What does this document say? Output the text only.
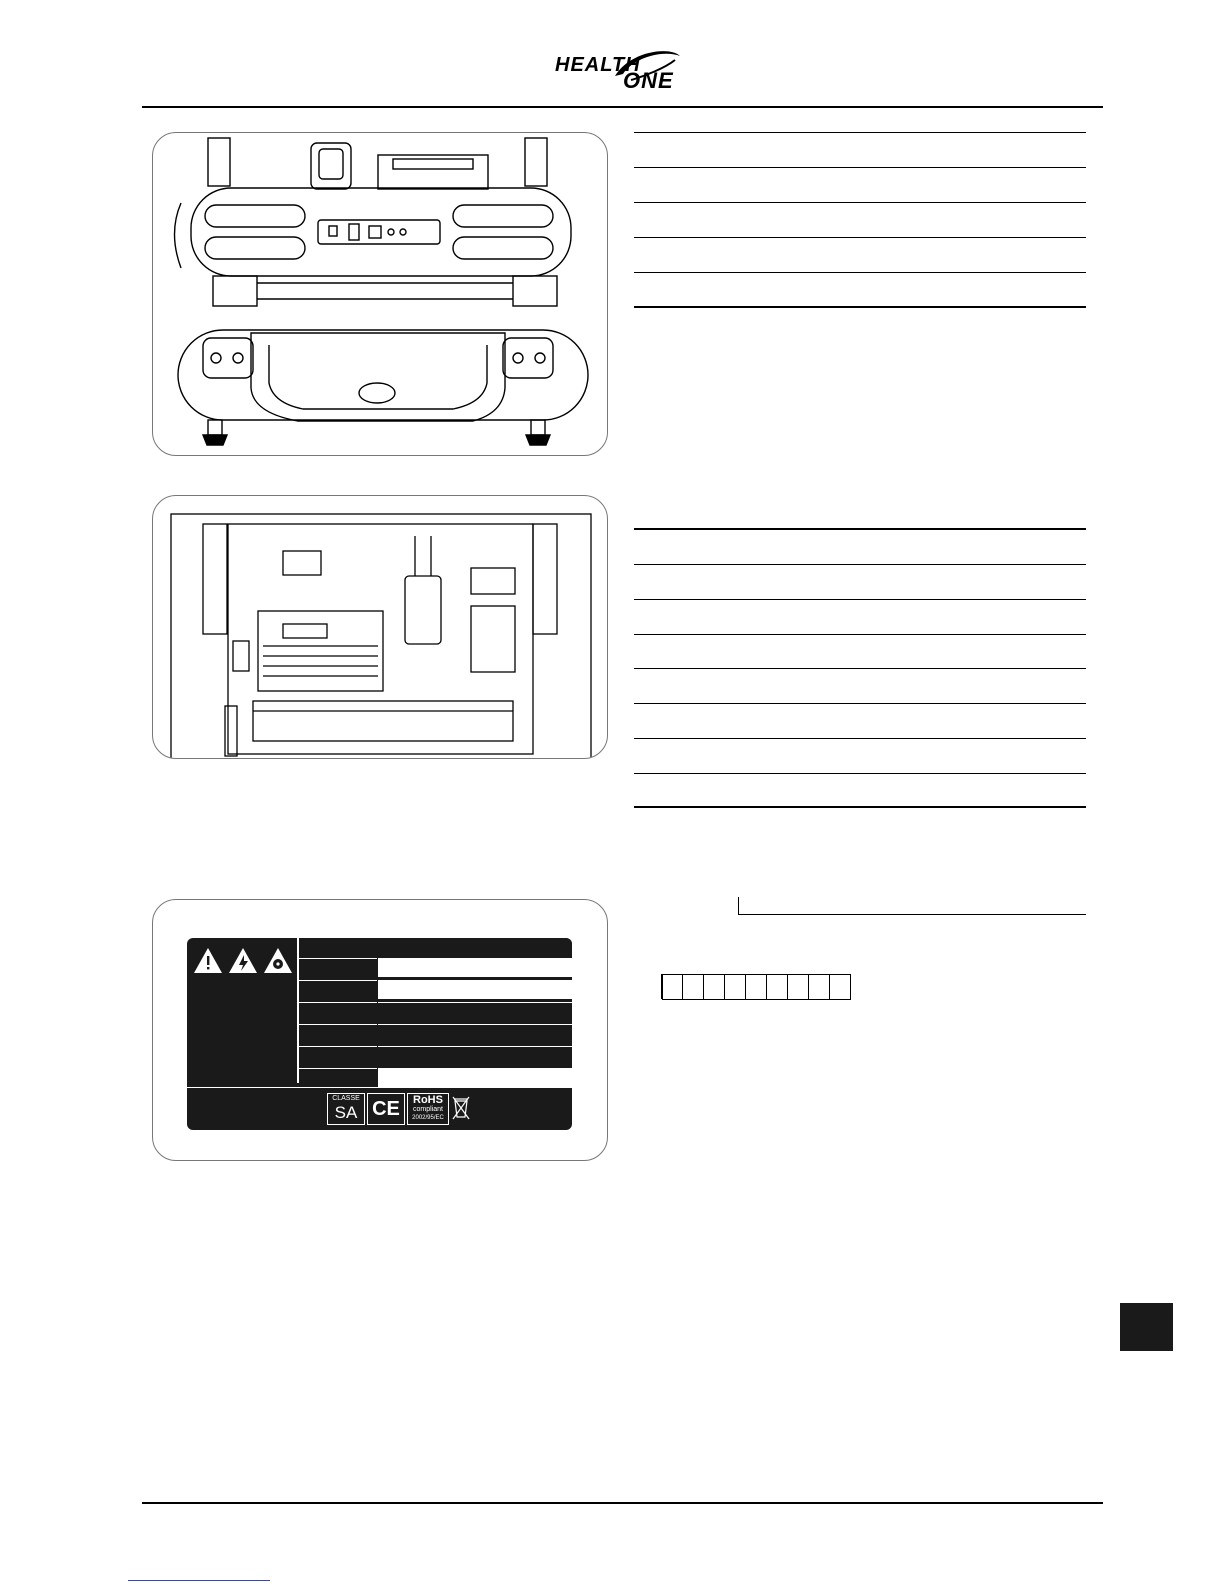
HEALTH
ONE
CLASSE
SA CE	RoHS
compliant
2002/95/EC
